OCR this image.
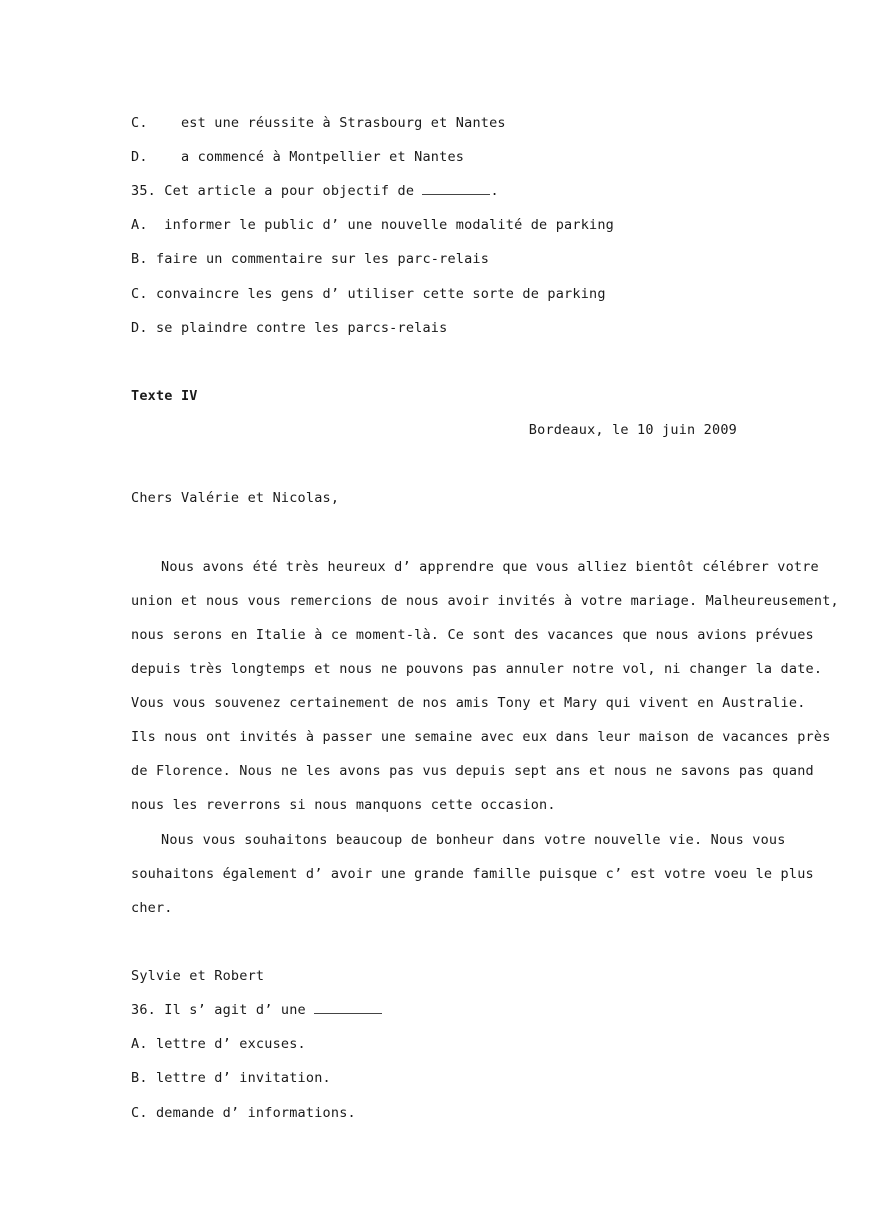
C. est une réussite à Strasbourg et Nantes
D. a commencé à Montpellier et Nantes
35. Cet article a pour objectif de	.
A.  informer le public d’ une nouvelle modalité de parking
B. faire un commentaire sur les parc-relais
C. convaincre les gens d’ utiliser cette sorte de parking
D. se plaindre contre les parcs-relais
Texte IV
Bordeaux, le 10 juin 2009
Chers Valérie et Nicolas,
Nous avons été très heureux d’ apprendre que vous alliez bientôt célébrer votre
union et nous vous remercions de nous avoir invités à votre mariage. Malheureusement,
nous serons en Italie à ce moment-là. Ce sont des vacances que nous avions prévues
depuis très longtemps et nous ne pouvons pas annuler notre vol, ni changer la date.
Vous vous souvenez certainement de nos amis Tony et Mary qui vivent en Australie.
Ils nous ont invités à passer une semaine avec eux dans leur maison de vacances près
de Florence. Nous ne les avons pas vus depuis sept ans et nous ne savons pas quand
nous les reverrons si nous manquons cette occasion.
Nous vous souhaitons beaucoup de bonheur dans votre nouvelle vie. Nous vous
souhaitons également d’ avoir une grande famille puisque c’ est votre voeu le plus
cher.
Sylvie et Robert
36. Il s’ agit d’ une
A. lettre d’ excuses.
B. lettre d’ invitation.
C. demande d’ informations.
